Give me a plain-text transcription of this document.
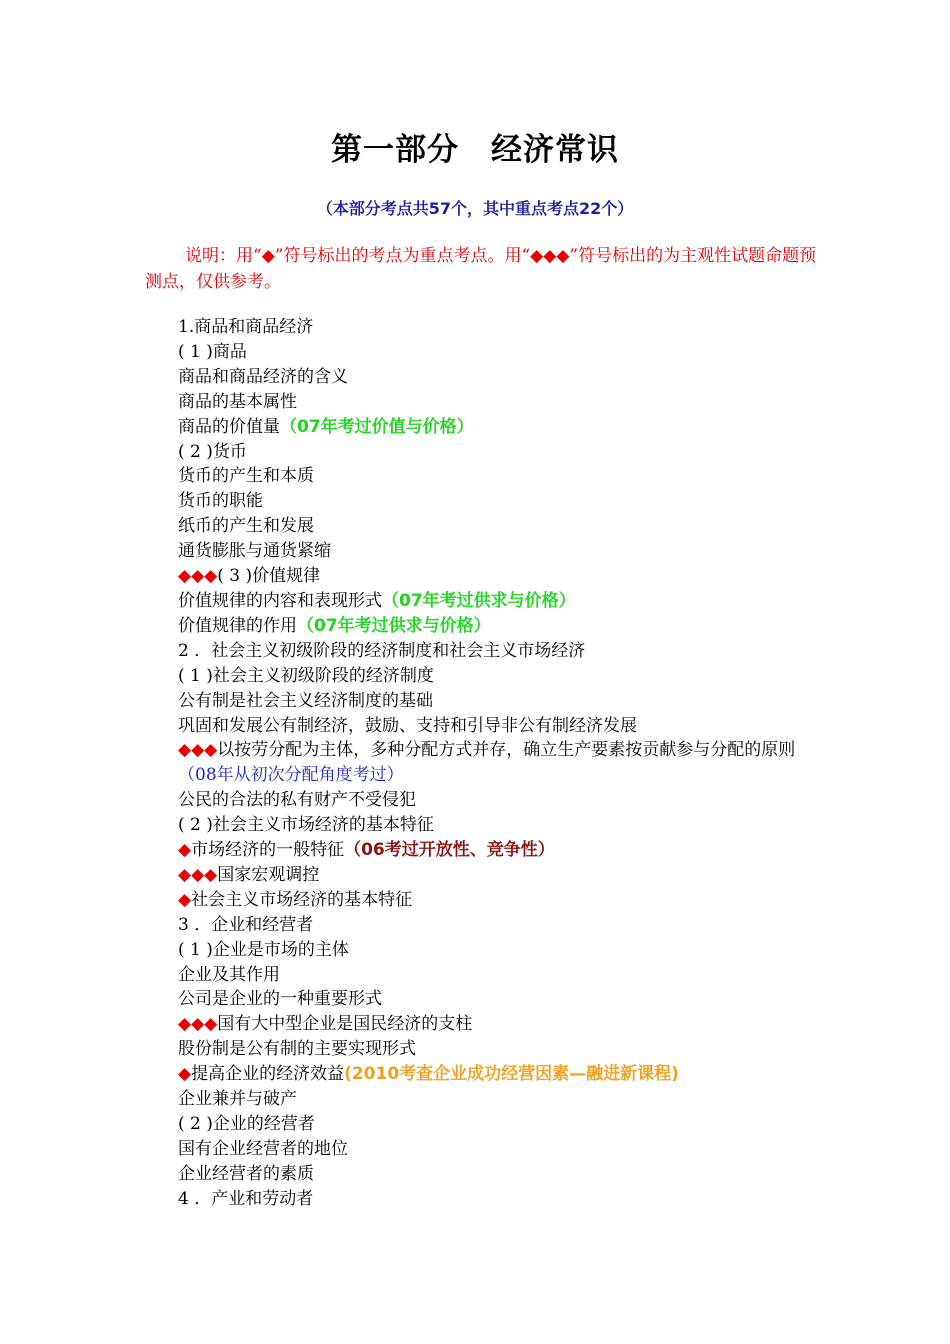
第一部分　经济常识
（本部分考点共57个，其中重点考点22个）
说明：用“◆”符号标出的考点为重点考点。用“◆◆◆”符号标出的为主观性试题命题预测点，仅供参考。
1.商品和商品经济
( 1 )商品
商品和商品经济的含义
商品的基本属性
商品的价值量（07年考过价值与价格）
( 2 )货币
货币的产生和本质
货币的职能
纸币的产生和发展
通货膨胀与通货紧缩
◆◆◆( 3 )价值规律
价值规律的内容和表现形式（07年考过供求与价格）
价值规律的作用（07年考过供求与价格）
2 ．社会主义初级阶段的经济制度和社会主义市场经济
( 1 )社会主义初级阶段的经济制度
公有制是社会主义经济制度的基础
巩固和发展公有制经济，鼓励、支持和引导非公有制经济发展
◆◆◆以按劳分配为主体，多种分配方式并存，确立生产要素按贡献参与分配的原则（08年从初次分配角度考过）
公民的合法的私有财产不受侵犯
( 2 )社会主义市场经济的基本特征
◆市场经济的一般特征（06考过开放性、竞争性）
◆◆◆国家宏观调控
◆社会主义市场经济的基本特征
3 ．企业和经营者
( 1 )企业是市场的主体
企业及其作用
公司是企业的一种重要形式
◆◆◆国有大中型企业是国民经济的支柱
股份制是公有制的主要实现形式
◆提高企业的经济效益(2010考查企业成功经营因素—融进新课程)
企业兼并与破产
( 2 )企业的经营者
国有企业经营者的地位
企业经营者的素质
4 ．产业和劳动者
